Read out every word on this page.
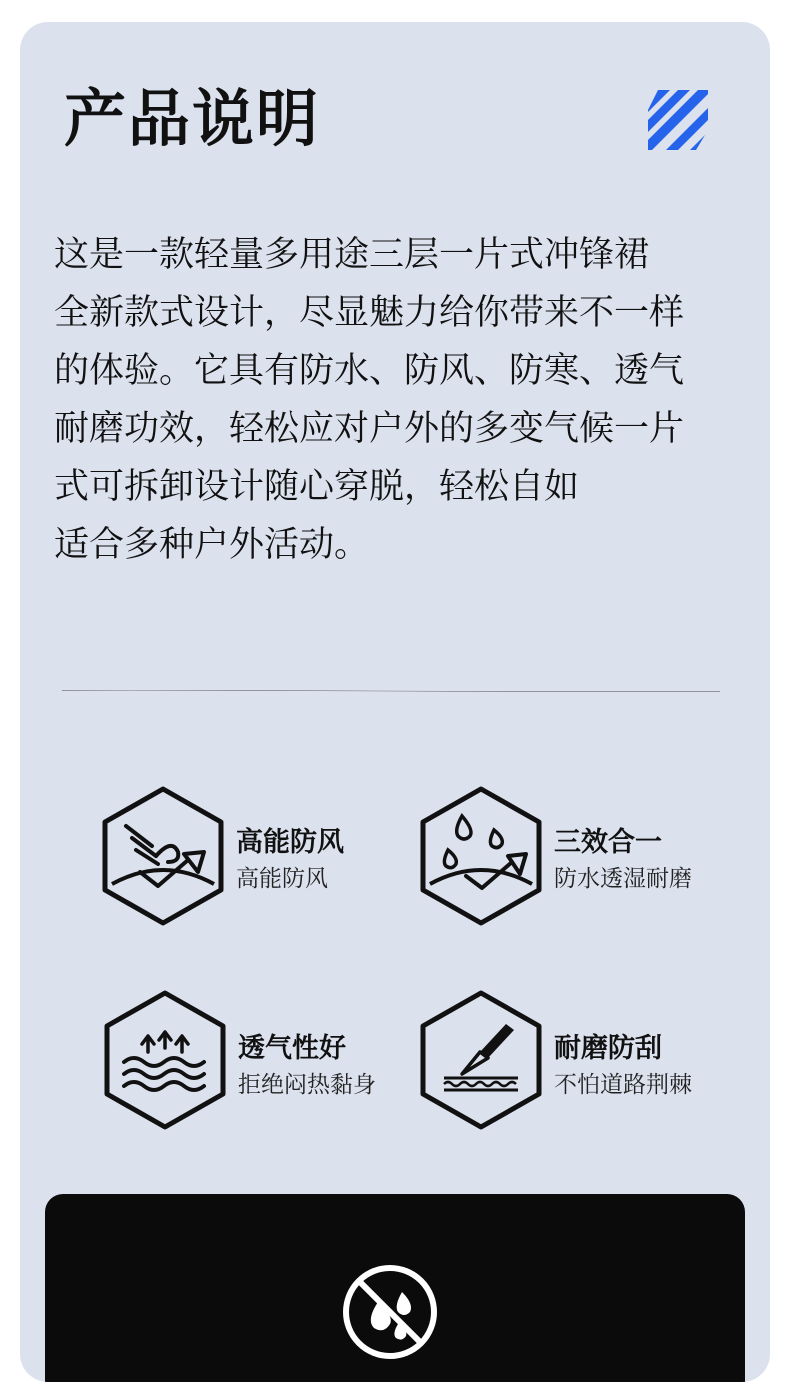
产品说明
这是一款轻量多用途三层一片式冲锋裙
全新款式设计，尽显魅力给你带来不一样
的体验。它具有防水、防风、防寒、透气
耐磨功效，轻松应对户外的多变气候一片
式可拆卸设计随心穿脱，轻松自如
适合多种户外活动。
高能防风
高能防风
三效合一
防水透湿耐磨
透气性好
拒绝闷热黏身
耐磨防刮
不怕道路荆棘
